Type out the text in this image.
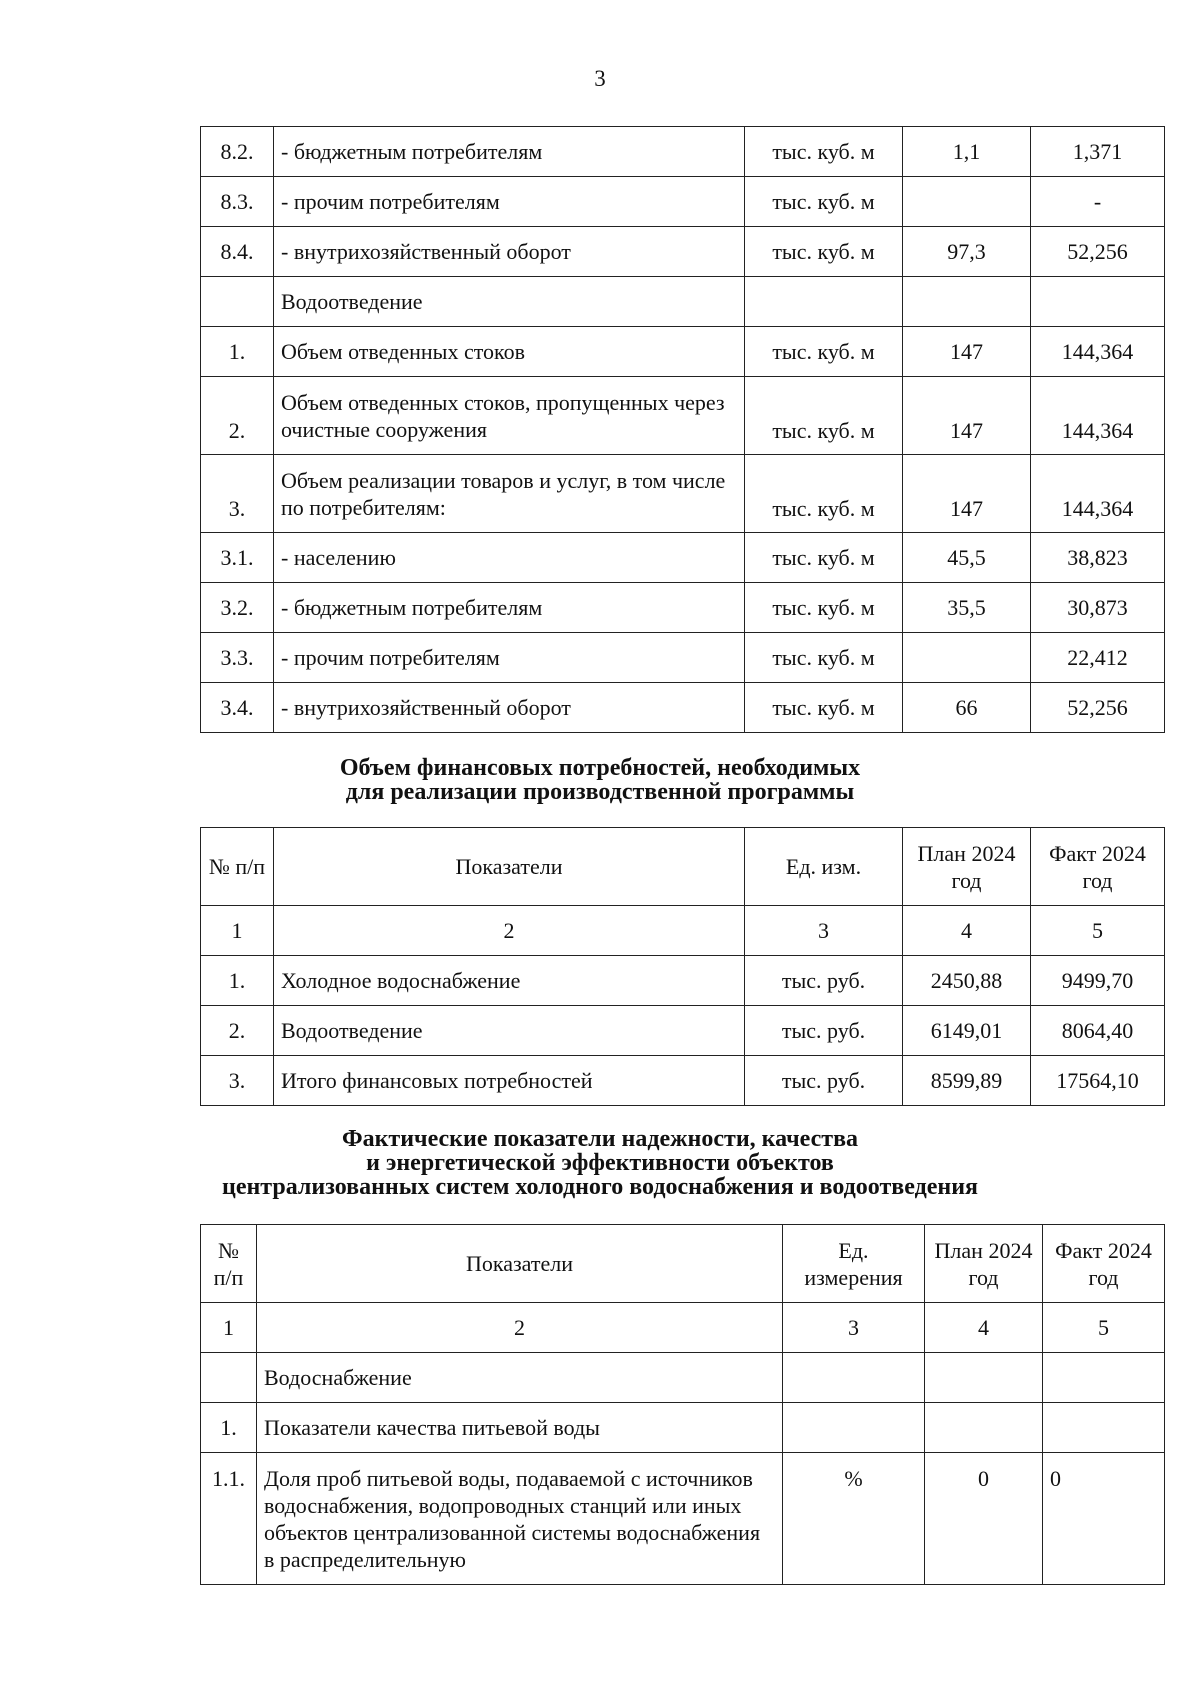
3
8.2.	- бюджетным потребителям	тыс. куб. м	1,1	1,371
8.3.	- прочим потребителям	тыс. куб. м		-
8.4.	- внутрихозяйственный оборот	тыс. куб. м	97,3	52,256
	Водоотведение			
1.	Объем отведенных стоков	тыс. куб. м	147	144,364
2.	Объем отведенных стоков, пропущенных через очистные сооружения	тыс. куб. м	147	144,364
3.	Объем реализации товаров и услуг, в том числе по потребителям:	тыс. куб. м	147	144,364
3.1.	- населению	тыс. куб. м	45,5	38,823
3.2.	- бюджетным потребителям	тыс. куб. м	35,5	30,873
3.3.	- прочим потребителям	тыс. куб. м		22,412
3.4.	- внутрихозяйственный оборот	тыс. куб. м	66	52,256
Объем финансовых потребностей, необходимых
для реализации производственной программы
№ п/п	Показатели	Ед. изм.	План 2024 год	Факт 2024 год
1	2	3	4	5
1.	Холодное водоснабжение	тыс. руб.	2450,88	9499,70
2.	Водоотведение	тыс. руб.	6149,01	8064,40
3.	Итого финансовых потребностей	тыс. руб.	8599,89	17564,10
Фактические показатели надежности, качества
и энергетической эффективности объектов
централизованных систем холодного водоснабжения и водоотведения
№ п/п	Показатели	Ед. измерения	План 2024 год	Факт 2024 год
1	2	3	4	5
	Водоснабжение			
1.	Показатели качества питьевой воды			
1.1.	Доля проб питьевой воды, подаваемой с источников водоснабжения, водопроводных станций или иных объектов централизованной системы водоснабжения в распределительную	%	0	0
